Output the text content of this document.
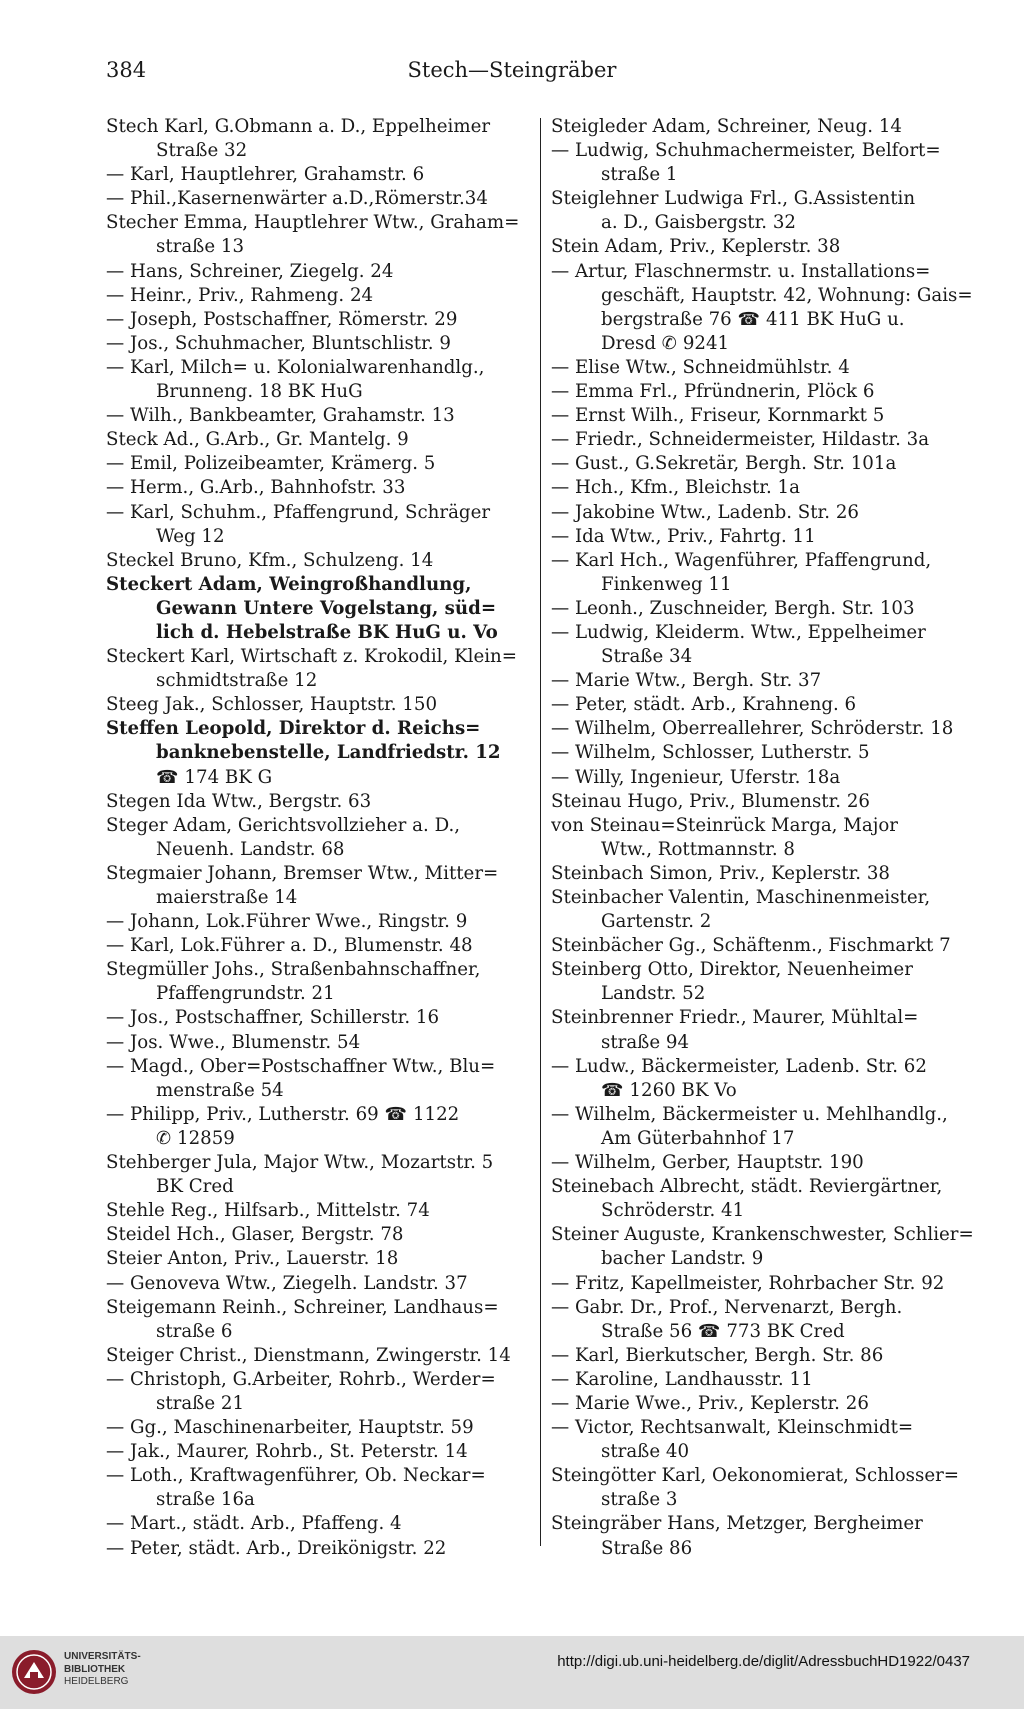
384	Stech—Steingräber
Stech Karl, G.Obmann a. D., Eppelheimer
Straße 32
— Karl, Hauptlehrer, Grahamstr. 6
— Phil.,Kasernenwärter a.D.,Römerstr.34
Stecher Emma, Hauptlehrer Wtw., Graham=
straße 13
— Hans, Schreiner, Ziegelg. 24
— Heinr., Priv., Rahmeng. 24
— Joseph, Postschaffner, Römerstr. 29
— Jos., Schuhmacher, Bluntschlistr. 9
— Karl, Milch= u. Kolonialwarenhandlg.,
Brunneng. 18 BK HuG
— Wilh., Bankbeamter, Grahamstr. 13
Steck Ad., G.Arb., Gr. Mantelg. 9
— Emil, Polizeibeamter, Krämerg. 5
— Herm., G.Arb., Bahnhofstr. 33
— Karl, Schuhm., Pfaffengrund, Schräger
Weg 12
Steckel Bruno, Kfm., Schulzeng. 14
Steckert Adam, Weingroßhandlung,
Gewann Untere Vogelstang, süd=
lich d. Hebelstraße BK HuG u. Vo
Steckert Karl, Wirtschaft z. Krokodil, Klein=
schmidtstraße 12
Steeg Jak., Schlosser, Hauptstr. 150
Steffen Leopold, Direktor d. Reichs=
banknebenstelle, Landfriedstr. 12
☎ 174 BK G
Stegen Ida Wtw., Bergstr. 63
Steger Adam, Gerichtsvollzieher a. D.,
Neuenh. Landstr. 68
Stegmaier Johann, Bremser Wtw., Mitter=
maierstraße 14
— Johann, Lok.Führer Wwe., Ringstr. 9
— Karl, Lok.Führer a. D., Blumenstr. 48
Stegmüller Johs., Straßenbahnschaffner,
Pfaffengrundstr. 21
— Jos., Postschaffner, Schillerstr. 16
— Jos. Wwe., Blumenstr. 54
— Magd., Ober=Postschaffner Wtw., Blu=
menstraße 54
— Philipp, Priv., Lutherstr. 69 ☎ 1122
✆ 12859
Stehberger Jula, Major Wtw., Mozartstr. 5
BK Cred
Stehle Reg., Hilfsarb., Mittelstr. 74
Steidel Hch., Glaser, Bergstr. 78
Steier Anton, Priv., Lauerstr. 18
— Genoveva Wtw., Ziegelh. Landstr. 37
Steigemann Reinh., Schreiner, Landhaus=
straße 6
Steiger Christ., Dienstmann, Zwingerstr. 14
— Christoph, G.Arbeiter, Rohrb., Werder=
straße 21
— Gg., Maschinenarbeiter, Hauptstr. 59
— Jak., Maurer, Rohrb., St. Peterstr. 14
— Loth., Kraftwagenführer, Ob. Neckar=
straße 16a
— Mart., städt. Arb., Pfaffeng. 4
— Peter, städt. Arb., Dreikönigstr. 22
Steigleder Adam, Schreiner, Neug. 14
— Ludwig, Schuhmachermeister, Belfort=
straße 1
Steiglehner Ludwiga Frl., G.Assistentin
a. D., Gaisbergstr. 32
Stein Adam, Priv., Keplerstr. 38
— Artur, Flaschnermstr. u. Installations=
geschäft, Hauptstr. 42, Wohnung: Gais=
bergstraße 76 ☎ 411 BK HuG u.
Dresd ✆ 9241
— Elise Wtw., Schneidmühlstr. 4
— Emma Frl., Pfründnerin, Plöck 6
— Ernst Wilh., Friseur, Kornmarkt 5
— Friedr., Schneidermeister, Hildastr. 3a
— Gust., G.Sekretär, Bergh. Str. 101a
— Hch., Kfm., Bleichstr. 1a
— Jakobine Wtw., Ladenb. Str. 26
— Ida Wtw., Priv., Fahrtg. 11
— Karl Hch., Wagenführer, Pfaffengrund,
Finkenweg 11
— Leonh., Zuschneider, Bergh. Str. 103
— Ludwig, Kleiderm. Wtw., Eppelheimer
Straße 34
— Marie Wtw., Bergh. Str. 37
— Peter, städt. Arb., Krahneng. 6
— Wilhelm, Oberreallehrer, Schröderstr. 18
— Wilhelm, Schlosser, Lutherstr. 5
— Willy, Ingenieur, Uferstr. 18a
Steinau Hugo, Priv., Blumenstr. 26
von Steinau=Steinrück Marga, Major
Wtw., Rottmannstr. 8
Steinbach Simon, Priv., Keplerstr. 38
Steinbacher Valentin, Maschinenmeister,
Gartenstr. 2
Steinbächer Gg., Schäftenm., Fischmarkt 7
Steinberg Otto, Direktor, Neuenheimer
Landstr. 52
Steinbrenner Friedr., Maurer, Mühltal=
straße 94
— Ludw., Bäckermeister, Ladenb. Str. 62
☎ 1260 BK Vo
— Wilhelm, Bäckermeister u. Mehlhandlg.,
Am Güterbahnhof 17
— Wilhelm, Gerber, Hauptstr. 190
Steinebach Albrecht, städt. Reviergärtner,
Schröderstr. 41
Steiner Auguste, Krankenschwester, Schlier=
bacher Landstr. 9
— Fritz, Kapellmeister, Rohrbacher Str. 92
— Gabr. Dr., Prof., Nervenarzt, Bergh.
Straße 56 ☎ 773 BK Cred
— Karl, Bierkutscher, Bergh. Str. 86
— Karoline, Landhausstr. 11
— Marie Wwe., Priv., Keplerstr. 26
— Victor, Rechtsanwalt, Kleinschmidt=
straße 40
Steingötter Karl, Oekonomierat, Schlosser=
straße 3
Steingräber Hans, Metzger, Bergheimer
Straße 86
UNIVERSITÄTS-
BIBLIOTHEK
HEIDELBERG
http://digi.ub.uni-heidelberg.de/diglit/AdressbuchHD1922/0437
